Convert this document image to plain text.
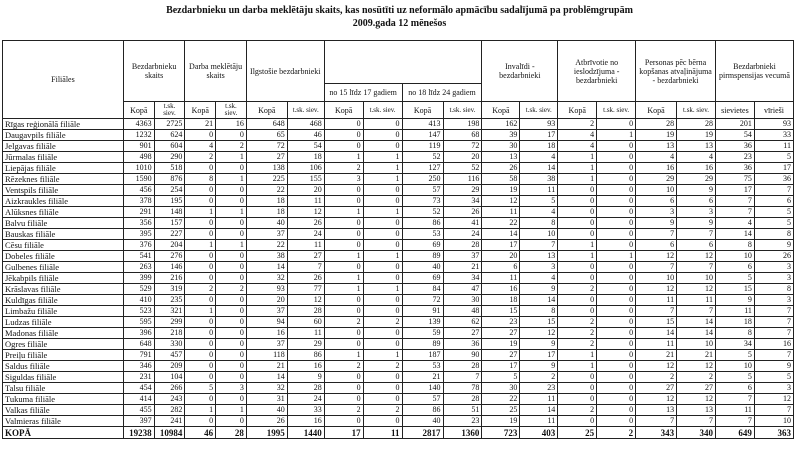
Bezdarbnieku un darba meklētāju skaits, kas nosūtīti uz neformālo apmācību sadalījumā pa problēmgrupām
2009.gada 12 mēnešos
Filiāles	Bezdarbnieku skaits		Darba meklētāju skaits		Ilgstošie bezdarbnieki						Invalīdi - bezdarbnieki		Atbrīvotie no ieslodzījuma - bezdarbnieki		Personas pēc bērna kopšanas atvaļinājuma - bezdarbnieki		Bezdarbnieki pirmspensijas vecumā	
							no 15 līdz 17 gadiem		no 18 līdz 24 gadiem									
	Kopā	t.sk. siev.	Kopā	t.sk. siev.	Kopā	t.sk. siev.	Kopā	t.sk. siev.	Kopā	t.sk. siev.	Kopā	t.sk. siev.	Kopā	t.sk. siev.	Kopā	t.sk. siev.	sievietes	vīrieši
Rīgas reģionālā filiāle	4363	2725	21	16	648	468	0	0	413	198	162	93	2	0	28	28	201	93
Daugavpils filiāle	1232	624	0	0	65	46	0	0	147	68	39	17	4	1	19	19	54	33
Jelgavas filiāle	901	604	4	2	72	54	0	0	119	72	30	18	4	0	13	13	36	11
Jūrmalas filiāle	498	290	2	1	27	18	1	1	52	20	13	4	1	0	4	4	23	5
Liepājas filiāle	1010	518	0	0	138	106	2	1	127	52	26	14	1	0	16	16	36	17
Rēzeknes filiāle	1590	876	8	1	225	155	3	1	250	116	58	38	1	0	29	29	75	36
Ventspils filiāle	456	254	0	0	22	20	0	0	57	29	19	11	0	0	10	9	17	7
Aizkraukles filiāle	378	195	0	0	18	11	0	0	73	34	12	5	0	0	6	6	7	6
Alūksnes filiāle	291	148	1	1	18	12	1	1	52	26	11	4	0	0	3	3	7	5
Balvu filiāle	356	157	0	0	40	26	0	0	86	41	22	8	0	0	9	9	4	5
Bauskas filiāle	395	227	0	0	37	24	0	0	53	24	14	10	0	0	7	7	14	8
Cēsu filiāle	376	204	1	1	22	11	0	0	69	28	17	7	1	0	6	6	8	9
Dobeles filiāle	541	276	0	0	38	27	1	1	89	37	20	13	1	1	12	12	10	26
Gulbenes filiāle	263	146	0	0	14	7	0	0	40	21	6	3	0	0	7	7	6	3
Jēkabpils filiāle	399	216	0	0	32	26	1	0	69	34	11	4	0	0	10	10	5	3
Krāslavas filiāle	529	319	2	2	93	77	1	1	84	47	16	9	2	0	12	12	15	8
Kuldīgas filiāle	410	235	0	0	20	12	0	0	72	30	18	14	0	0	11	11	9	3
Limbažu filiāle	523	321	1	0	37	28	0	0	91	48	15	8	0	0	7	7	11	7
Ludzas filiāle	595	299	0	0	94	60	2	2	139	62	23	15	2	0	15	14	18	7
Madonas filiāle	396	218	0	0	16	11	0	0	59	27	27	12	2	0	14	14	8	7
Ogres filiāle	648	330	0	0	37	29	0	0	89	36	19	9	2	0	11	10	34	16
Preiļu filiāle	791	457	0	0	118	86	1	1	187	90	27	17	1	0	21	21	5	7
Saldus filiāle	346	209	0	0	21	16	2	2	53	28	17	9	1	0	12	12	10	9
Siguldas filiāle	231	104	0	0	14	9	0	0	21	7	5	2	0	0	2	2	5	5
Talsu filiāle	454	266	5	3	32	28	0	0	140	78	30	23	0	0	27	27	6	3
Tukuma filiāle	414	243	0	0	31	24	0	0	57	28	22	11	0	0	12	12	7	12
Valkas filiāle	455	282	1	1	40	33	2	2	86	51	25	14	2	0	13	13	11	7
Valmieras filiāle	397	241	0	0	26	16	0	0	40	23	19	11	0	0	7	7	7	10
KOPĀ	19238	10984	46	28	1995	1440	17	11	2817	1360	723	403	25	2	343	340	649	363
